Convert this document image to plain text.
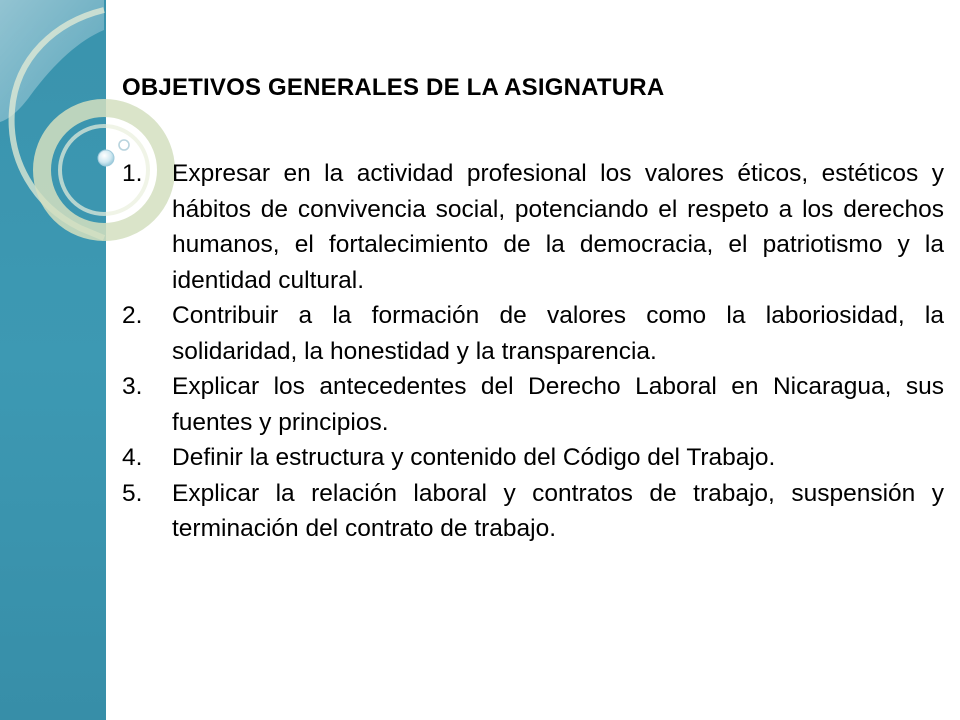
OBJETIVOS GENERALES DE LA ASIGNATURA
1.	Expresar en la actividad profesional los valores éticos, estéticos y hábitos de convivencia social, potenciando el respeto a los derechos humanos, el fortalecimiento de la democracia, el patriotismo y la identidad cultural.
2.	Contribuir a la formación de valores como la laboriosidad, la solidaridad, la honestidad y la transparencia.
3.	Explicar los antecedentes del Derecho Laboral en Nicaragua, sus fuentes y principios.
4.	Definir la estructura y contenido del Código del Trabajo.
5.	Explicar la relación laboral y contratos de trabajo, suspensión y terminación del contrato de trabajo.
